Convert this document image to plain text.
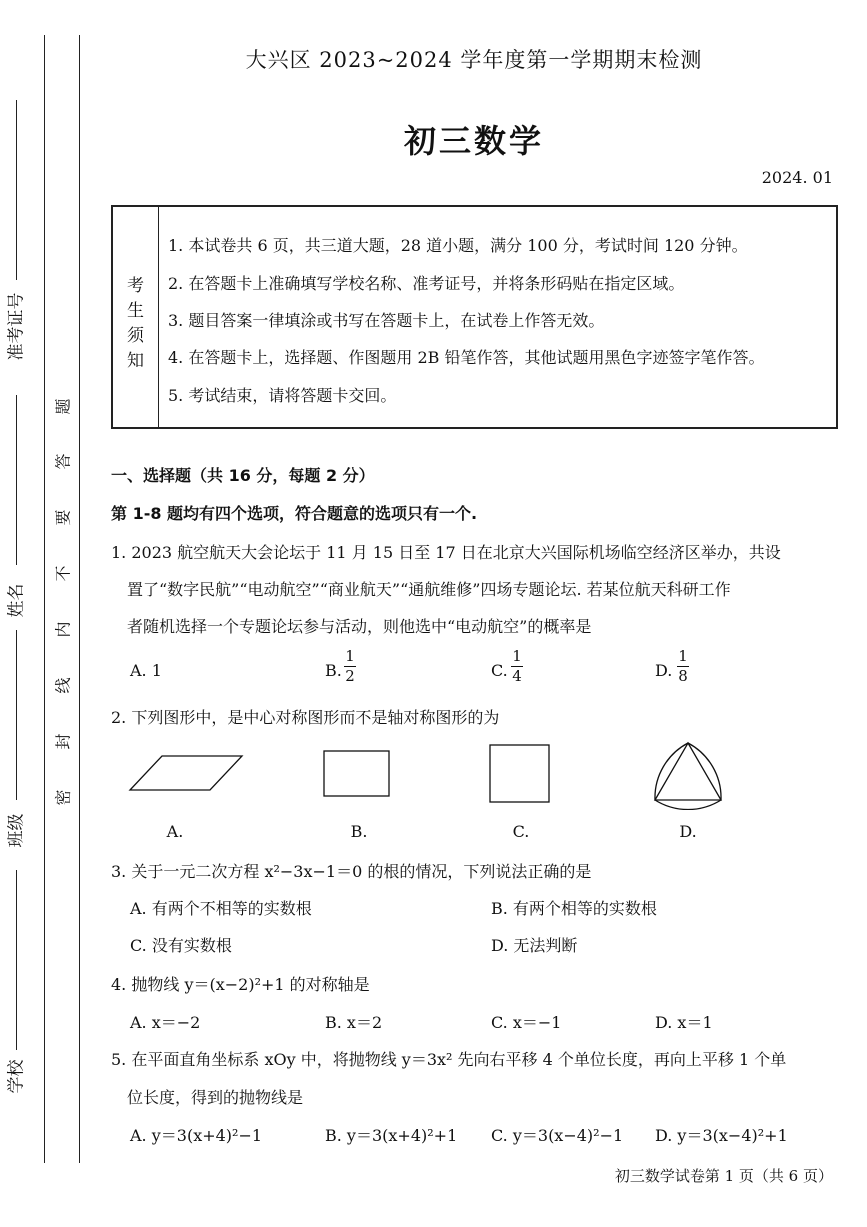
准考证号
姓名
班级
学校
题
答
要
不
内
线
封
密
大兴区 2023~2024 学年度第一学期期末检测
初三数学
2024. 01
考
生
须
知
1. 本试卷共 6 页，共三道大题，28 道小题，满分 100 分，考试时间 120 分钟。
2. 在答题卡上准确填写学校名称、准考证号，并将条形码贴在指定区域。
3. 题目答案一律填涂或书写在答题卡上，在试卷上作答无效。
4. 在答题卡上，选择题、作图题用 2B 铅笔作答，其他试题用黑色字迹签字笔作答。
5. 考试结束，请将答题卡交回。
一、选择题（共 16 分，每题 2 分）
第 1-8 题均有四个选项，符合题意的选项只有一个.
1. 2023 航空航天大会论坛于 11 月 15 日至 17 日在北京大兴国际机场临空经济区举办，共设
置了“数字民航”“电动航空”“商业航天”“通航维修”四场专题论坛. 若某位航天科研工作
者随机选择一个专题论坛参与活动，则他选中“电动航空”的概率是
A. 1	B.
1
2	C.
1
4	D.
1
8
2. 下列图形中，是中心对称图形而不是轴对称图形的为
A.	B.	C.	D.
3. 关于一元二次方程 x²−3x−1＝0 的根的情况，下列说法正确的是
A. 有两个不相等的实数根	B. 有两个相等的实数根
C. 没有实数根	D. 无法判断
4. 抛物线 y＝(x−2)²+1 的对称轴是
A. x＝−2	B. x＝2	C. x＝−1	D. x＝1
5. 在平面直角坐标系 xOy 中，将抛物线 y＝3x² 先向右平移 4 个单位长度，再向上平移 1 个单
位长度，得到的抛物线是
A. y＝3(x+4)²−1	B. y＝3(x+4)²+1 C. y＝3(x−4)²−1 D. y＝3(x−4)²+1
初三数学试卷第 1 页（共 6 页）
